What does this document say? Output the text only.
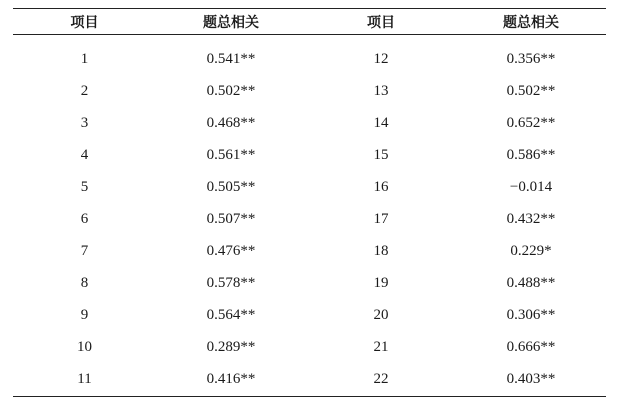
项目	题总相关	项目	题总相关
1	0.541**	12	0.356**
2	0.502**	13	0.502**
3	0.468**	14	0.652**
4	0.561**	15	0.586**
5	0.505**	16	−0.014
6	0.507**	17	0.432**
7	0.476**	18	0.229*
8	0.578**	19	0.488**
9	0.564**	20	0.306**
10	0.289**	21	0.666**
11	0.416**	22	0.403**
